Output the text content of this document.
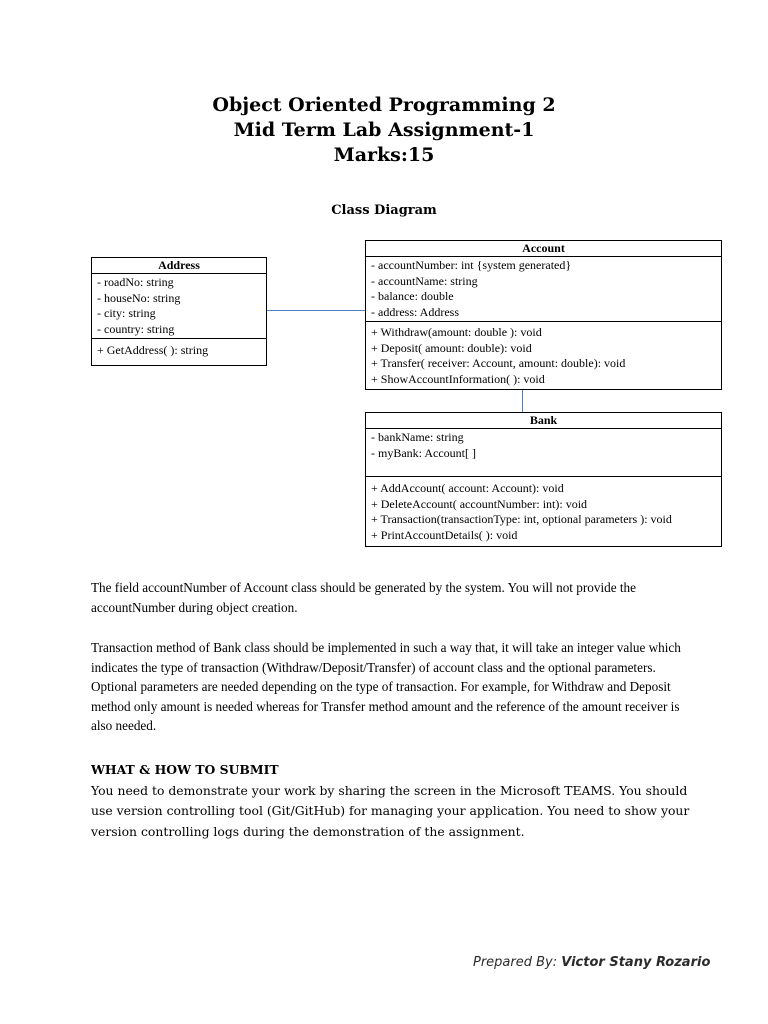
Object Oriented Programming 2
Mid Term Lab Assignment-1
Marks:15
Class Diagram
Address
- roadNo: string
- houseNo: string
- city: string
- country: string
+ GetAddress( ): string
Account
- accountNumber: int {system generated}
- accountName: string
- balance: double
- address: Address
+ Withdraw(amount: double ): void
+ Deposit( amount: double): void
+ Transfer( receiver: Account, amount: double): void
+ ShowAccountInformation( ): void
Bank
- bankName: string
- myBank: Account[ ]
+ AddAccount( account: Account): void
+ DeleteAccount( accountNumber: int): void
+ Transaction(transactionType: int, optional parameters ): void
+ PrintAccountDetails( ): void
The field accountNumber of Account class should be generated by the system. You will not provide the accountNumber during object creation.
Transaction method of Bank class should be implemented in such a way that, it will take an integer value which indicates the type of transaction (Withdraw/Deposit/Transfer) of account class and the optional parameters. Optional parameters are needed depending on the type of transaction. For example, for Withdraw and Deposit method only amount is needed whereas for Transfer method amount and the reference of the amount receiver is also needed.
WHAT & HOW TO SUBMIT
You need to demonstrate your work by sharing the screen in the Microsoft TEAMS. You should use version controlling tool (Git/GitHub) for managing your application. You need to show your version controlling logs during the demonstration of the assignment.
Prepared By: Victor Stany Rozario
